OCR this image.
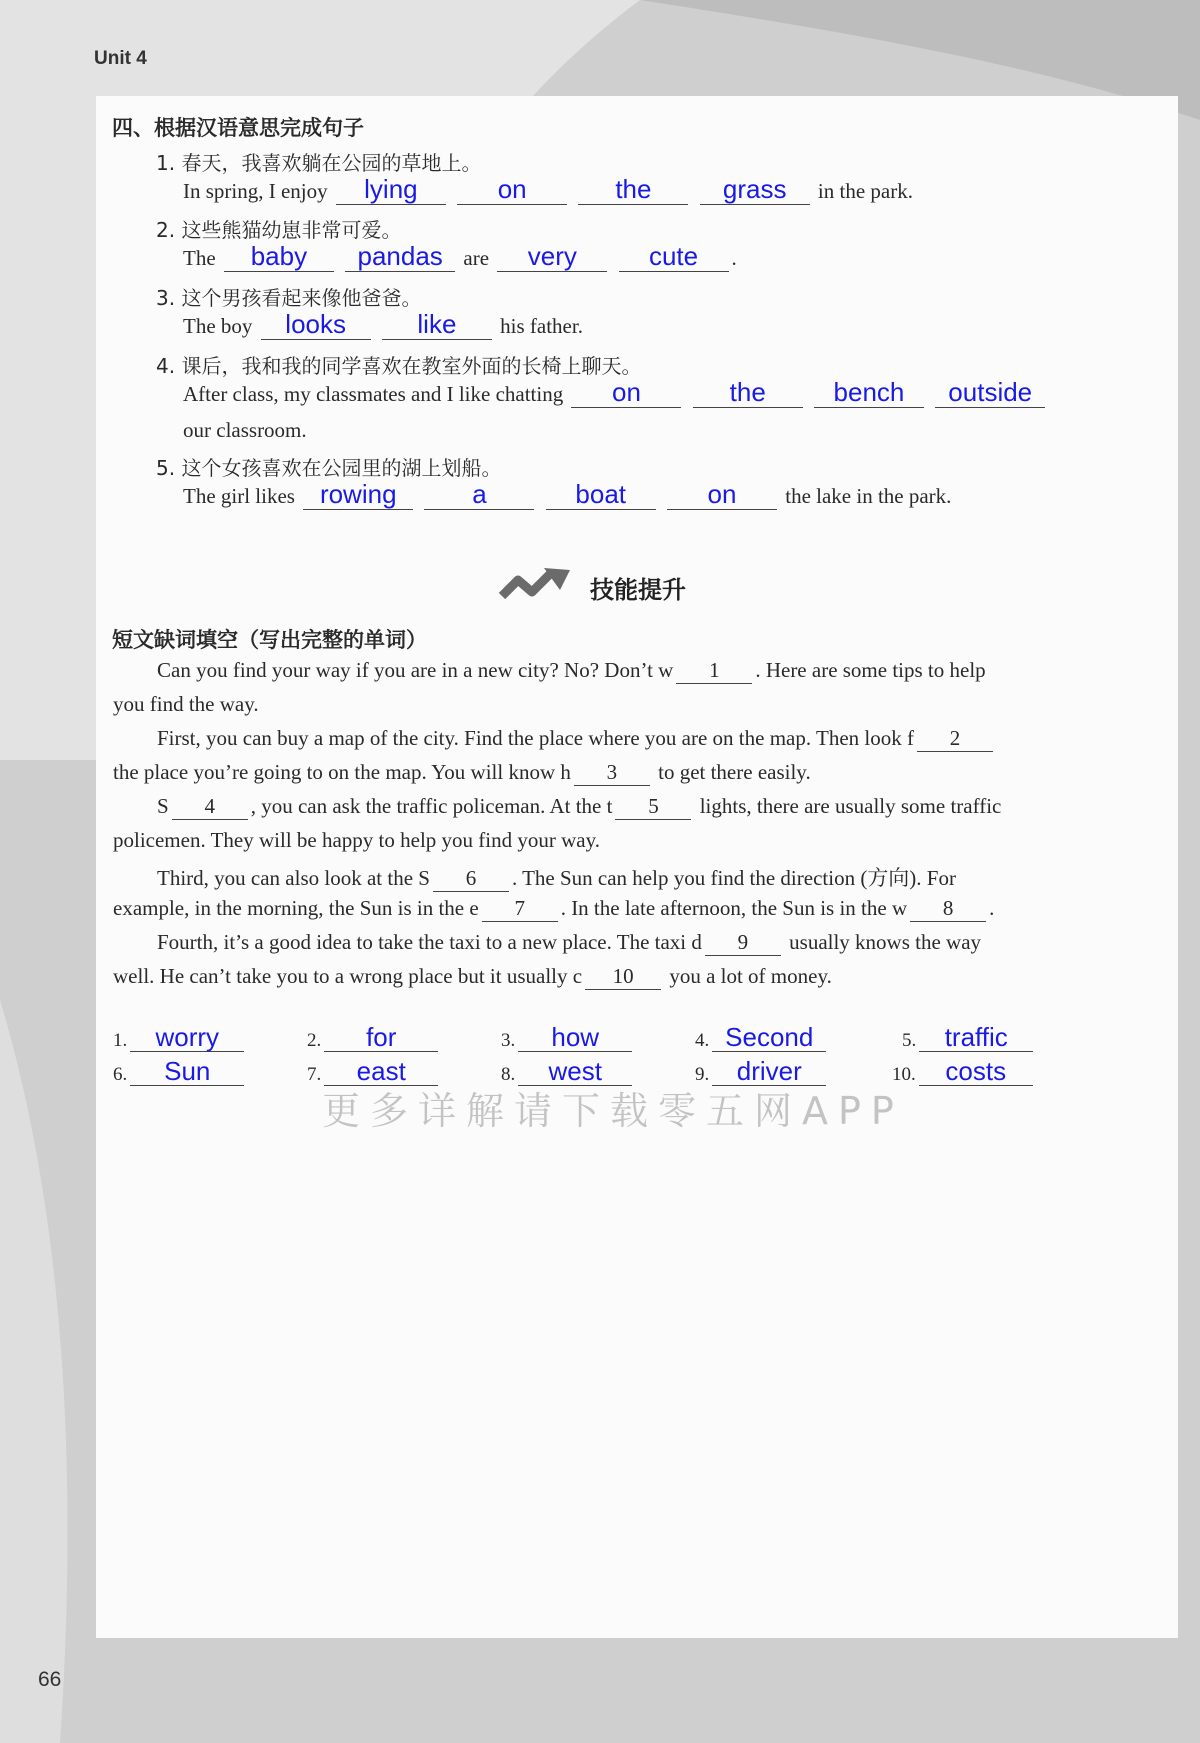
Unit 4
66
四、根据汉语意思完成句子
1. 春天，我喜欢躺在公园的草地上。
In spring, I enjoy lying	on	the	grass in the park.
2. 这些熊猫幼崽非常可爱。
The baby pandas are very	cute .
3. 这个男孩看起来像他爸爸。
The boy looks	like his father.
4. 课后，我和我的同学喜欢在教室外面的长椅上聊天。
After class, my classmates and I like chatting on	the	bench outside
our classroom.
5. 这个女孩喜欢在公园里的湖上划船。
The girl likes rowing	a	boat	on the lake in the park.
技能提升
短文缺词填空（写出完整的单词）
Can you find your way if you are in a new city? No? Don’t w 1 . Here are some tips to help
you find the way.
First, you can buy a map of the city. Find the place where you are on the map. Then look f 2
the place you’re going to on the map. You will know h 3 to get there easily.
S 4 , you can ask the traffic policeman. At the t 5 lights, there are usually some traffic
policemen. They will be happy to help you find your way.
Third, you can also look at the S 6 . The Sun can help you find the direction (方向). For
example, in the morning, the Sun is in the e 7 . In the late afternoon, the Sun is in the w 8 .
Fourth, it’s a good idea to take the taxi to a new place. The taxi d 9 usually knows the way
well. He can’t take you to a wrong place but it usually c 10 you a lot of money.
1. worry	2. for	3. how	4. Second	5. traffic
6. Sun	7. east	8. west	9. driver	10. costs
更多详解请下载零五网APP
